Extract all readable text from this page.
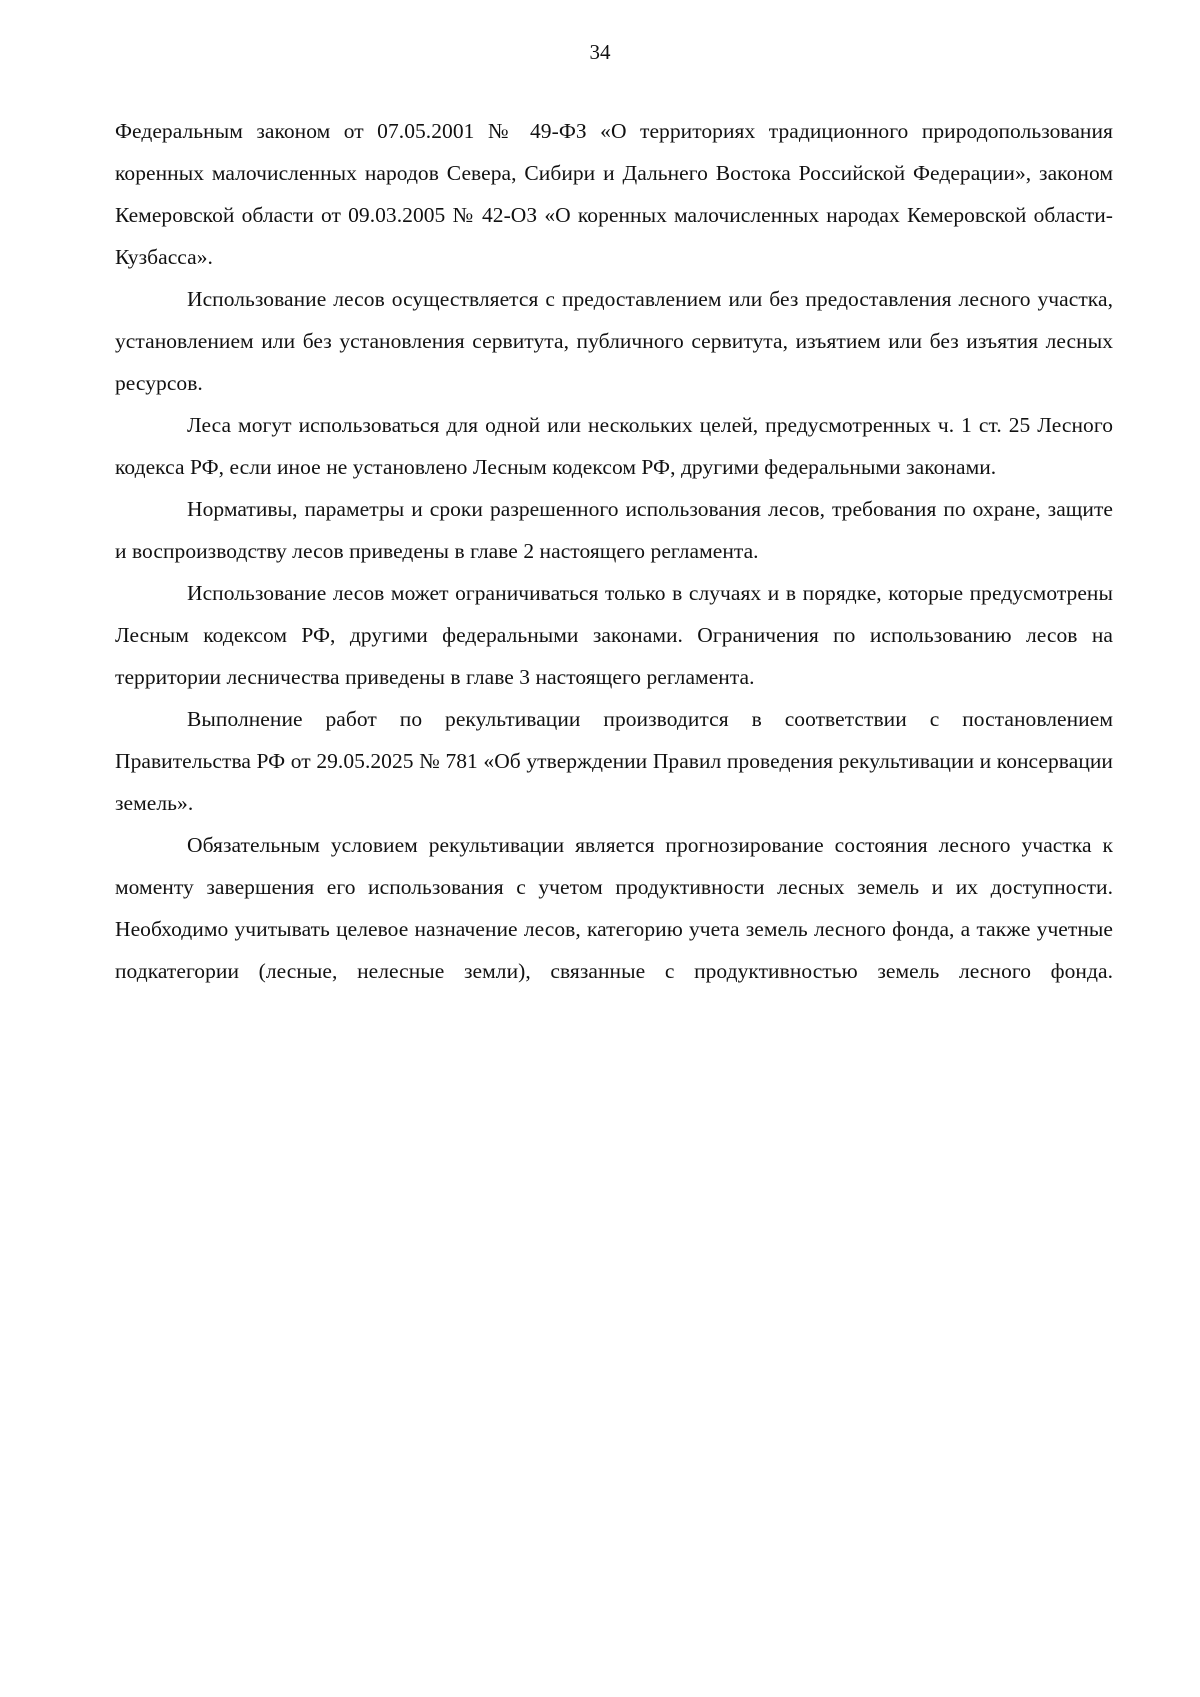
34

Федеральным законом от 07.05.2001 № 49-ФЗ «О территориях традиционного природопользования коренных малочисленных народов Севера, Сибири и Дальнего Востока Российской Федерации», законом Кемеровской области от 09.03.2005 № 42-ОЗ «О коренных малочисленных народах Кемеровской области-Кузбасса».

Использование лесов осуществляется с предоставлением или без предоставления лесного участка, установлением или без установления сервитута, публичного сервитута, изъятием или без изъятия лесных ресурсов.

Леса могут использоваться для одной или нескольких целей, предусмотренных ч. 1 ст. 25 Лесного кодекса РФ, если иное не установлено Лесным кодексом РФ, другими федеральными законами.

Нормативы, параметры и сроки разрешенного использования лесов, требования по охране, защите и воспроизводству лесов приведены в главе 2 настоящего регламента.

Использование лесов может ограничиваться только в случаях и в порядке, которые предусмотрены Лесным кодексом РФ, другими федеральными законами. Ограничения по использованию лесов на территории лесничества приведены в главе 3 настоящего регламента.

Выполнение работ по рекультивации производится в соответствии с постановлением Правительства РФ от 29.05.2025 № 781 «Об утверждении Правил проведения рекультивации и консервации земель».

Обязательным условием рекультивации является прогнозирование состояния лесного участка к моменту завершения его использования с учетом продуктивности лесных земель и их доступности. Необходимо учитывать целевое назначение лесов, категорию учета земель лесного фонда, а также учетные подкатегории (лесные, нелесные земли), связанные с продуктивностью земель лесного фонда.
